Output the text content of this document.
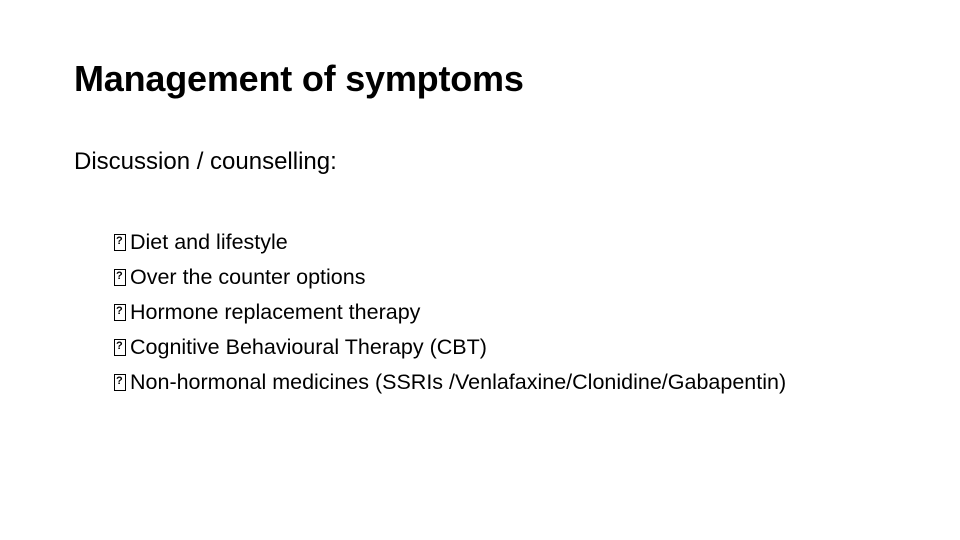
Management of symptoms
Discussion / counselling:
?Diet and lifestyle
?Over the counter options
?Hormone replacement therapy
?Cognitive Behavioural Therapy (CBT)
?Non-hormonal medicines (SSRIs /Venlafaxine/Clonidine/Gabapentin)
